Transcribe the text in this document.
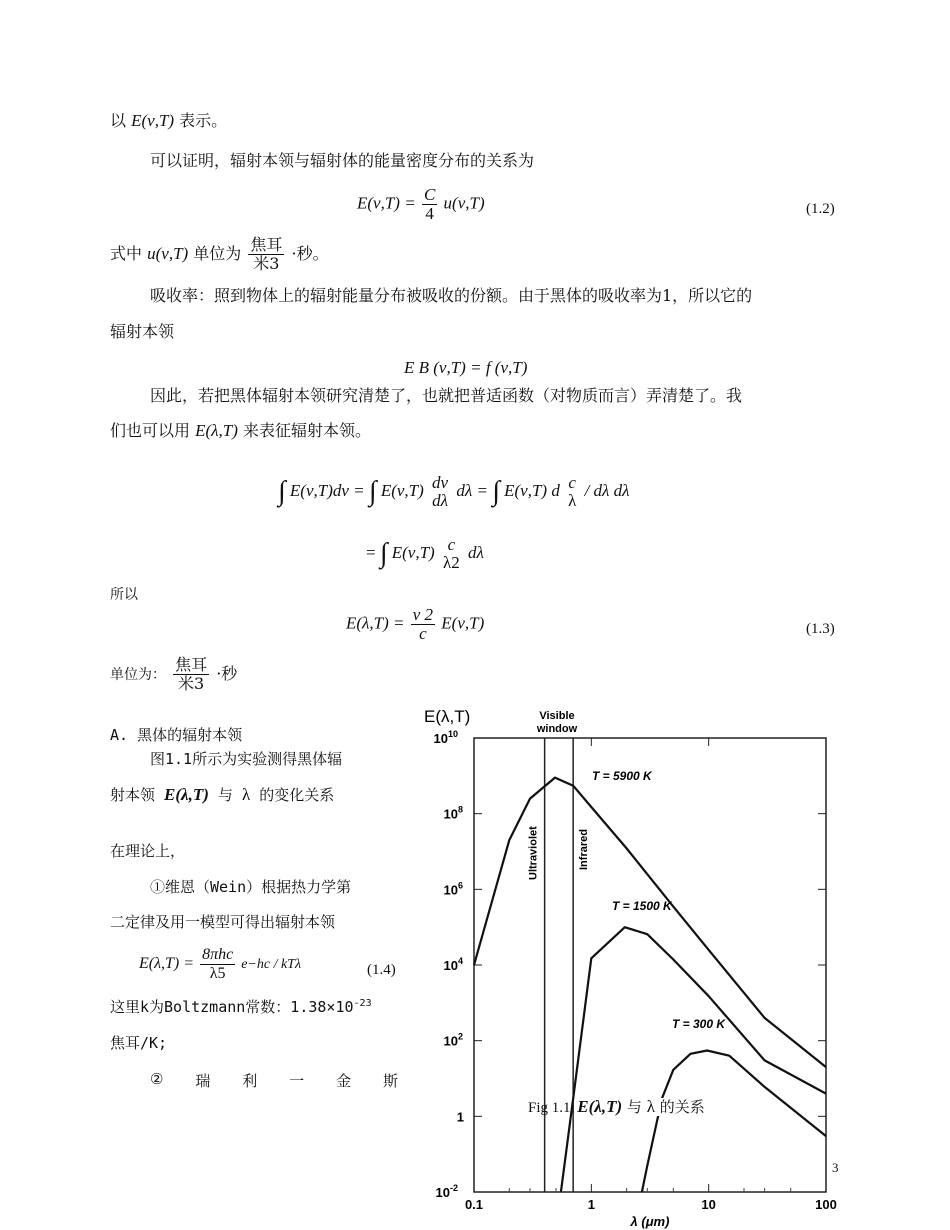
以 E(ν,T) 表示。
可以证明，辐射本领与辐射体的能量密度分布的关系为
$E(\nu,T) = \frac{C}{4} u(\nu,T)$	(1.2)
式中 u(ν,T) 单位为 $\frac{\text{焦耳}}{\text{米3}}$ ·秒。
吸收率：照到物体上的辐射能量分布被吸收的份额。由于黑体的吸收率为1，所以它的
辐射本领
E B (ν,T) = f (ν,T)
因此，若把黑体辐射本领研究清楚了，也就把普适函数（对物质而言）弄清楚了。我
们也可以用 E(λ,T) 来表征辐射本领。
∫ E(ν,T)dν = ∫ E(ν,T) dν
dλ
dλ = ∫ E(ν,T) d c
λ
/ dλ dλ
= ∫ E(ν,T) c
λ2
dλ
所以
$E(\lambda,T) = \frac{\nu 2}{c} E(\nu,T)$	(1.3)
单位为： $\frac{\text{焦耳}}{\text{米3}}$ ·秒
A. 黑体的辐射本领
图1.1所示为实验测得黑体辐
射本领 E(λ,T) 与 λ 的变化关系
在理论上，
①维恩（Wein）根据热力学第
二定律及用一模型可得出辐射本领
$E(\lambda,T) = \frac{\text{8πhc}}{\lambda 5} e-hc / kT\lambda$	(1.4)
这里k为Boltzmann常数：$1.38\times 10^{-23}$
焦耳/K;
② 瑞 利 一 金 斯
0.1	1	10	100
$10^{-2}$
1
$10^2$
$10^4$
$10^6$
$10^8$
$10^{10}$
E(λ,T)
λ (μm)
Visible
window
Ultraviolet	Infrared
T = 5900 K
T = 1500 K
T = 300 K
Fig 1.1 E(λ,T) 与 λ 的关系
3
